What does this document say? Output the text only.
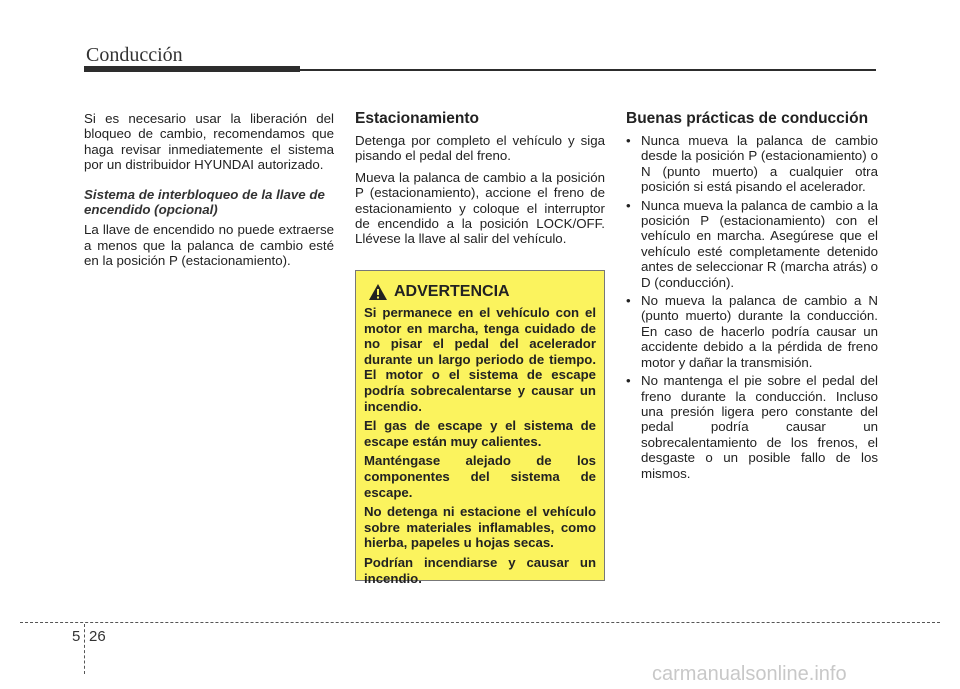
Conducción

Si es necesario usar la liberación del bloqueo de cambio, recomendamos que haga revisar inmediatemente el sistema por un distribuidor HYUNDAI autorizado.

Sistema de interbloqueo de la llave de encendido (opcional)

La llave de encendido no puede extraerse a menos que la palanca de cambio esté en la posición P (estacionamiento).

Estacionamiento

Detenga por completo el vehículo y siga pisando el pedal del freno.

Mueva la palanca de cambio a la posición P (estacionamiento), accione el freno de estacionamiento y coloque el interruptor de encendido a la posición LOCK/OFF. Llévese la llave al salir del vehículo.

ADVERTENCIA

Si permanece en el vehículo con el motor en marcha, tenga cuidado de no pisar el pedal del acelerador durante un largo periodo de tiempo. El motor o el sistema de escape podría sobrecalentarse y causar un incendio.

El gas de escape y el sistema de escape están muy calientes.

Manténgase alejado de los componentes del sistema de escape.

No detenga ni estacione el vehículo sobre materiales inflamables, como hierba, papeles u hojas secas.

Podrían incendiarse y causar un incendio.

Buenas prácticas de conducción
• Nunca mueva la palanca de cambio desde la posición P (estacionamiento) o N (punto muerto) a cualquier otra posición si está pisando el acelerador.
• Nunca mueva la palanca de cambio a la posición P (estacionamiento) con el vehículo en marcha. Asegúrese que el vehículo esté completamente detenido antes de seleccionar R (marcha atrás) o D (conducción).
• No mueva la palanca de cambio a N (punto muerto) durante la conducción. En caso de hacerlo podría causar un accidente debido a la pérdida de freno motor y dañar la transmisión.
• No mantenga el pie sobre el pedal del freno durante la conducción. Incluso una presión ligera pero constante del pedal podría causar un sobrecalentamiento de los frenos, el desgaste o un posible fallo de los mismos.
5 26
carmanualsonline.info
